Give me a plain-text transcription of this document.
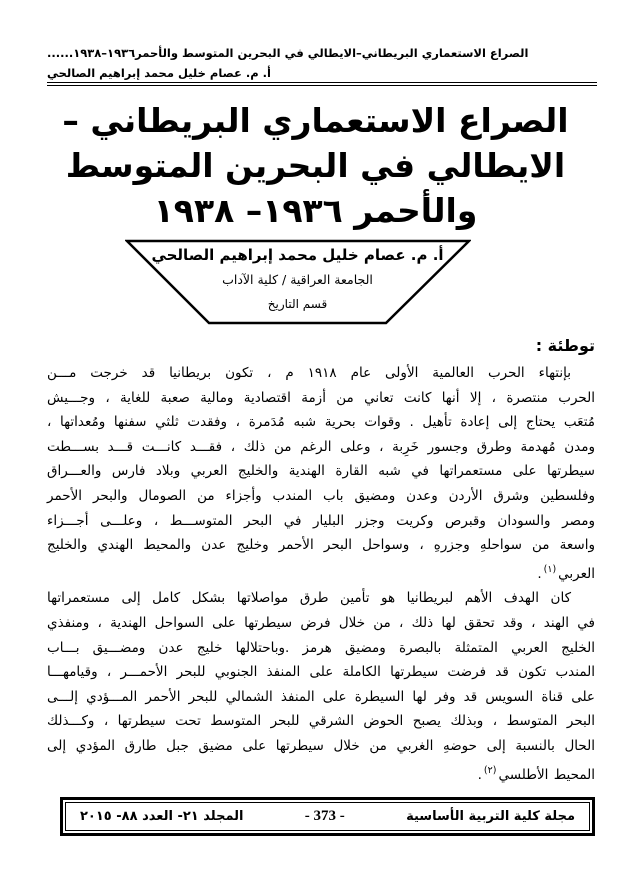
الصراع الاستعماري البريطاني–الايطالي في البحرين المتوسط والأحمر١٩٣٦–١٩٣٨......
أ. م. عصام خليل محمد إبراهيم الصالحي
الصراع الاستعماري البريطاني –
الايطالي في البحرين المتوسط
والأحمر ١٩٣٦– ١٩٣٨
أ. م. عصام خليل محمد إبراهيم الصالحي
الجامعة العراقية / كلية الآداب
قسم التاريخ
توطئة :
بإنتهاء الحرب العالمية الأولى عام ١٩١٨ م ، تكون بريطانيا قد خرجت مـــن
الحرب منتصرة ، إلا أنها كانت تعاني من أزمة اقتصادية ومالية صعبة للغاية ، وجـــيش
مُتعَب يحتاج إلى إعادة تأهيل . وقوات بحرية شبه مُدَمرة ، وفقدت ثلثي سفنها ومُعداتها ،
ومدن مُهدمة وطرق وجسور خَرِبة ، وعلى الرغم من ذلك ، فقـــد كانـــت قـــد بســـطت
سيطرتها على مستعمراتها في شبه القارة الهندية والخليج العربي وبلاد فارس والعـــراق
وفلسطين وشرق الأردن وعدن ومضيق باب المندب وأجزاء من الصومال والبحر الأحمر
ومصر والسودان وقبرص وكريت وجزر البليار في البحر المتوســـط ، وعلـــى أجـــزاء
واسعة من سواحلهِ وجزرهِ ، وسواحل البحر الأحمر وخليج عدن والمحيط الهندي والخليج
العربي$^{(١)}$.
كان الهدف الأهم لبريطانيا هو تأمين طرق مواصلاتها بشكل كامل إلى مستعمراتها
في الهند ، وقد تحقق لها ذلك ، من خلال فرض سيطرتها على السواحل الهندية ، ومنفذي
الخليج العربي المتمثلة بالبصرة ومضيق هرمز .وباحتلالها خليج عدن ومضـــيق بـــاب
المندب تكون قد فرضت سيطرتها الكاملة على المنفذ الجنوبي للبحر الأحمـــر ، وقيامهـــا
على قناة السويس قد وفر لها السيطرة على المنفذ الشمالي للبحر الأحمر المـــؤدي إلـــى
البحر المتوسط ، وبذلك يصبح الحوض الشرقي للبحر المتوسط تحت سيطرتها ، وكـــذلك
الحال بالنسبة إلى حوضهِ الغربي من خلال سيطرتها على مضيق جبل طارق المؤدي إلى
المحيط الأطلسي$^{(٢)}$.
مجلة كلية التربية الأساسية
- 373 -
المجلد ٢١- العدد ٨٨- ٢٠١٥
